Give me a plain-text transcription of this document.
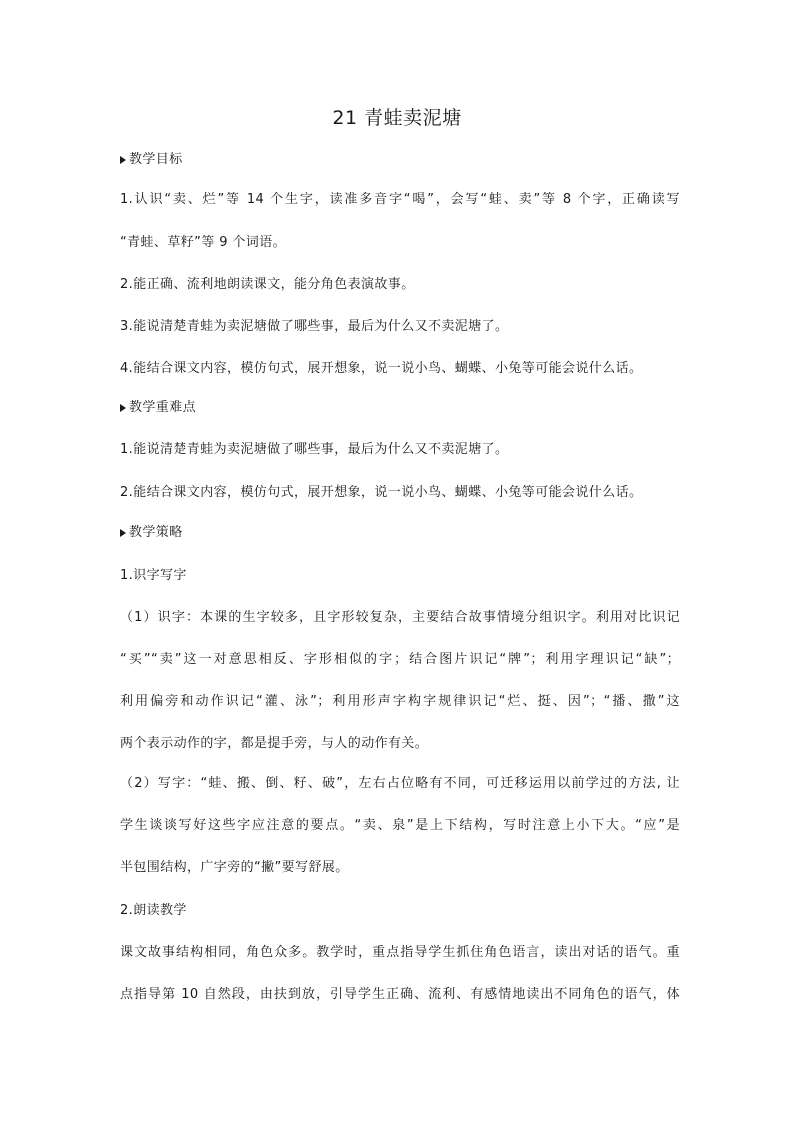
21 青蛙卖泥塘
教学目标

1.认识“卖、烂”等 14 个生字，读准多音字“喝”，会写“蛙、卖”等 8 个字，正确读写

“青蛙、草籽”等 9 个词语。

2.能正确、流利地朗读课文，能分角色表演故事。

3.能说清楚青蛙为卖泥塘做了哪些事，最后为什么又不卖泥塘了。

4.能结合课文内容，模仿句式，展开想象，说一说小鸟、蝴蝶、小兔等可能会说什么话。

教学重难点

1.能说清楚青蛙为卖泥塘做了哪些事，最后为什么又不卖泥塘了。

2.能结合课文内容，模仿句式，展开想象，说一说小鸟、蝴蝶、小兔等可能会说什么话。

教学策略

1.识字写字

（1）识字：本课的生字较多，且字形较复杂，主要结合故事情境分组识字。利用对比识记

“买”“卖”这一对意思相反、字形相似的字；结合图片识记“牌”；利用字理识记“缺”；

利用偏旁和动作识记“灌、泳”；利用形声字构字规律识记“烂、挺、因”；“播、撒”这

两个表示动作的字，都是提手旁，与人的动作有关。

（2）写字：“蛙、搬、倒、籽、破”，左右占位略有不同，可迁移运用以前学过的方法, 让

学生谈谈写好这些字应注意的要点。“卖、泉”是上下结构，写时注意上小下大。“应”是

半包围结构，广字旁的“撇”要写舒展。

2.朗读教学

课文故事结构相同，角色众多。教学时，重点指导学生抓住角色语言，读出对话的语气。重

点指导第 10 自然段，由扶到放，引导学生正确、流利、有感情地读出不同角色的语气，体
